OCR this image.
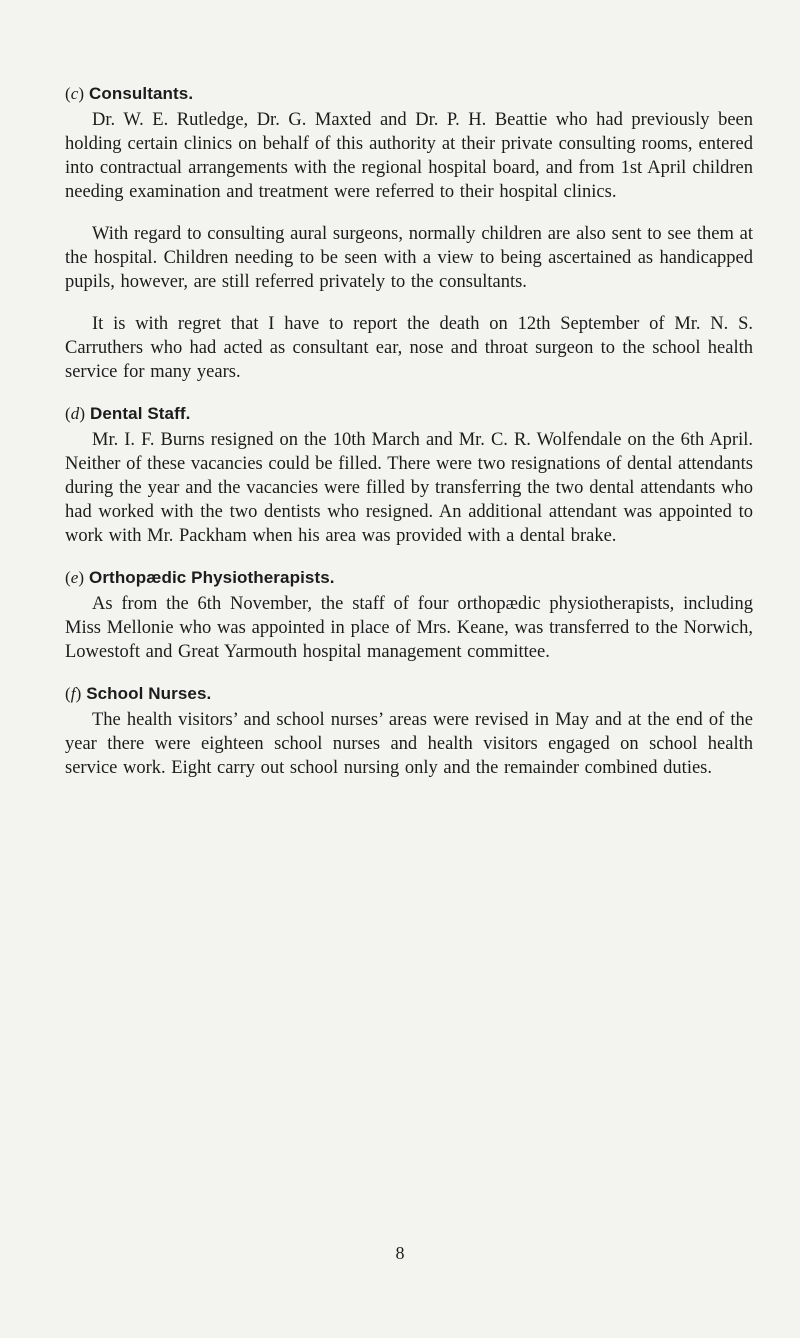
(c) Consultants.

Dr. W. E. Rutledge, Dr. G. Maxted and Dr. P. H. Beattie who had previously been holding certain clinics on behalf of this authority at their private consulting rooms, entered into contractual arrangements with the regional hospital board, and from 1st April children needing examination and treatment were referred to their hospital clinics.

With regard to consulting aural surgeons, normally children are also sent to see them at the hospital. Children needing to be seen with a view to being ascertained as handicapped pupils, however, are still referred privately to the consultants.

It is with regret that I have to report the death on 12th September of Mr. N. S. Carruthers who had acted as consultant ear, nose and throat surgeon to the school health service for many years.

(d) Dental Staff.

Mr. I. F. Burns resigned on the 10th March and Mr. C. R. Wolfendale on the 6th April. Neither of these vacancies could be filled. There were two resignations of dental attendants during the year and the vacancies were filled by transferring the two dental attendants who had worked with the two dentists who resigned. An additional attendant was appointed to work with Mr. Packham when his area was provided with a dental brake.

(e) Orthopædic Physiotherapists.

As from the 6th November, the staff of four orthopædic physiotherapists, including Miss Mellonie who was appointed in place of Mrs. Keane, was transferred to the Norwich, Lowestoft and Great Yarmouth hospital management committee.

(f) School Nurses.

The health visitors’ and school nurses’ areas were revised in May and at the end of the year there were eighteen school nurses and health visitors engaged on school health service work. Eight carry out school nursing only and the remainder combined duties.

8
